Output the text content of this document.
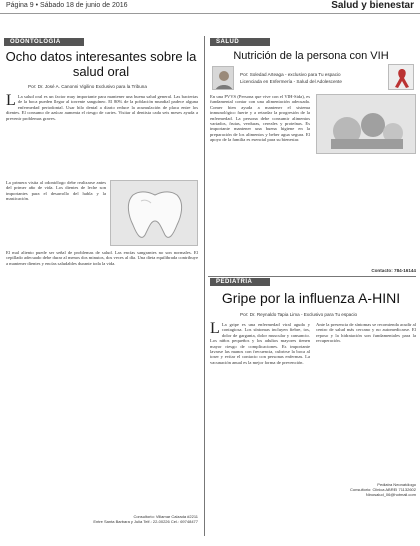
Página 9 • Sábado 18 de junio de 2016	Salud y bienestar
ODONTOLOGÍA
Ocho datos interesantes sobre la salud oral
Por: Dr. José A. Canonni Vigilino Exclusivo para la Tribuna
L La salud oral es un factor muy importante para mantener una buena salud general. Las bacterias de la boca pueden llegar al torrente sanguíneo. El 80% de la población mundial padece alguna enfermedad periodontal. Usar hilo dental a diario reduce la acumulación de placa entre los dientes. El consumo de azúcar aumenta el riesgo de caries. Visitar al dentista cada seis meses ayuda a prevenir problemas graves.
La primera visita al odontólogo debe realizarse antes del primer año de vida. Los dientes de leche son importantes para el desarrollo del habla y la masticación.
El mal aliento puede ser señal de problemas de salud. Las encías sangrantes no son normales. El cepillado adecuado debe durar al menos dos minutos, dos veces al día. Una dieta equilibrada contribuye a mantener dientes y encías saludables durante toda la vida.
Consultorio: Villamar Calzada #2211
Entre Santa Barbara y Julia Telf.: 22-00226 Cel.: 69748477
SALUD
Nutrición de la persona con VIH
Por: Soledad Arteaga - exclusivo para Tu espacio
Licenciada en Enfermería - Salud del Adolescente
En una PVVS (Persona que vive con el VIH-Sida), es fundamental contar con una alimentación adecuada. Comer bien ayuda a mantener el sistema inmunológico fuerte y a retardar la progresión de la enfermedad. La persona debe consumir alimentos variados, frutas, verduras, cereales y proteínas. Es importante mantener una buena higiene en la preparación de los alimentos y beber agua segura. El apoyo de la familia es esencial para su bienestar.
Contacto: 784-16144
PEDIATRÍA
Gripe por la influenza A-HINI
Por: Dr. Reynaldo Tapia Lima - Exclusivo para Tu espacio
L La gripe es una enfermedad viral aguda y contagiosa. Los síntomas incluyen fiebre, tos, dolor de garganta, dolor muscular y cansancio. Los niños pequeños y los adultos mayores tienen mayor riesgo de complicaciones. Es importante lavarse las manos con frecuencia, cubrirse la boca al toser y evitar el contacto con personas enfermas. La vacunación anual es la mejor forma de prevención.
Ante la presencia de síntomas se recomienda acudir al centro de salud más cercano y no automedicarse. El reposo y la hidratación son fundamentales para la recuperación.
Pediatra Neonatólogo
Consultorio: Clinica ABREI 71132602
Ninosalud_06@hotmail.com
